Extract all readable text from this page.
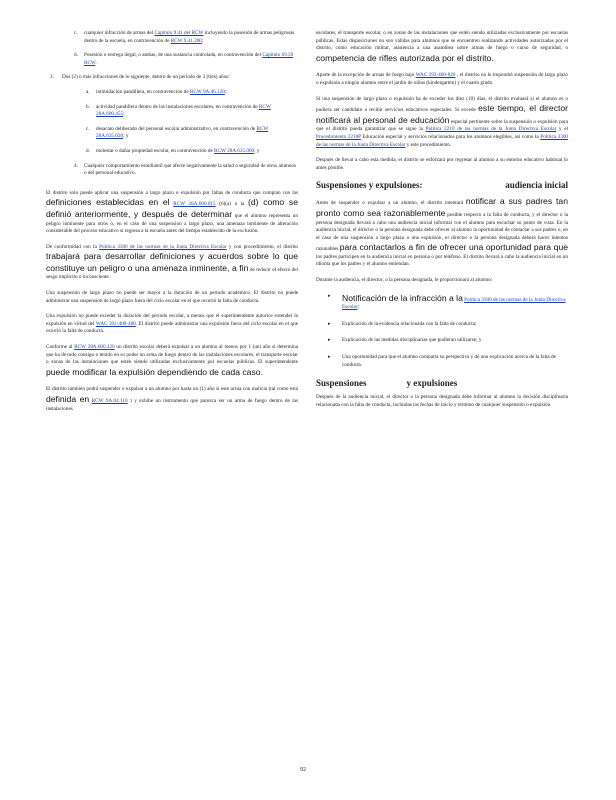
c. cualquier infracción de armas del Capítulo 9.41 del RCW incluyendo la posesión de armas peligrosas dentro de la escuela, en contravención de RCW 9.41.280;
d. Posesión o entrega ilegal, o ambas, de una sustancia controlada, en contravención del Capítulo 69.50 RCW.
3. Dos (2) o más infracciones de lo siguiente, dentro de un período de 3 (tres) años:
a. intimidación pandillera, en contravención de RCW 9A.46.120;
b. actividad pandillera dentro de las instalaciones escolares, en contravención de RCW 28A.600.455;
c. desacato deliberado del personal escolar administrativo, en contravención de RCW 28A.635.020; y
d. molestar o dañar propiedad escolar, en contravención de RCW 28A.635.060; y
4. Cualquier comportamiento estudiantil que afecte negativamente la salud o seguridad de otros alumnos o del personal educativo.

El distrito solo puede aplicar una suspensión a largo plazo o expulsión por faltas de conducta que cumplan con las definiciones establecidas en el RCW 28A.600.015 (6)(a) a la (d) como se definió anteriormente, y después de determinar que el alumno representa un peligro inminente para otros o, en el caso de una suspensión a largo plazo, una amenaza inminente de alteración considerable del proceso educativo si regresa a la escuela antes del tiempo establecido de la exclusión.

De conformidad con la Política 3300 de las normas de la Junta Directiva Escolar y con procedimiento, el distrito trabajará para desarrollar definiciones y acuerdos sobre lo que constituye un peligro o una amenaza inminente, a fin de reducir el efecto del sesgo implícito o inconsciente.

Una suspensión de largo plazo no puede ser mayor a la duración de un período académico. El distrito no puede administrar una suspensión de largo plazo fuera del ciclo escolar en el que ocurrió la falta de conducta.

Una expulsión no puede exceder la duración del período escolar, a menos que el superintendente autorice extender la expulsión en virtud del WAC 392-400-480. El distrito puede administrar una expulsión fuera del ciclo escolar en el que ocurrió la falta de conducta.

Conforme al RCW 28A.600.420 un distrito escolar deberá expulsar a un alumno al menos por 1 (un) año si determina que ha llevado consigo o tenido en su poder un arma de fuego dentro de las instalaciones escolares, el transporte escolar o zonas de las instalaciones que estén siendo utilizadas exclusivamente por escuelas públicas. El superintendente puede modificar la expulsión dependiendo de cada caso.

El distrito también podrá suspender o expulsar a un alumno por hasta un (1) año si este actúa con malicia (tal como está definida en RCW 9A.04.110 ) y exhibe un instrumento que parezca ser un arma de fuego dentro de las instalaciones

escolares, el transporte escolar, o en zonas de las instalaciones que estén siendo utilizadas exclusivamente por escuelas públicas. Estas disposiciones no son válidas para alumnos que se encuentren realizando actividades autorizadas por el distrito, como educación militar, asistencia a una asamblea sobre armas de fuego o curso de seguridad, o competencia de rifles autorizada por el distrito.

Aparte de la excepción de armas de fuego bajo WAC 392-400-820 , el distrito no le impondrá suspensión de largo plazo o expulsión a ningún alumno entre el jardín de niños (kindergarten) y el cuarto grado.

Si una suspensión de largo plazo o expulsión ha de exceder los diez (10) días, el distrito evaluará si el alumno es o pudiera ser candidato a recibir servicios educativos especiales. Si excede este tiempo, el director notificará al personal de educación especial pertinente sobre la suspensión o expulsión para que el distrito pueda garantizar que se sigue la Política 2210 de las normas de la Junta Directiva Escolar y el Procedimiento 2210P Educación especial y servicios relacionados para los alumnos elegibles, así como la Política 3300 de las normas de la Junta Directiva Escolar y este procedimiento.

Después de llevar a cabo esta medida, el distrito se esforzará por regresar al alumno a su entorno educativo habitual lo antes posible.

Suspensiones y expulsiones:	audiencia inicial

Antes de suspender o expulsar a un alumno, el distrito intentará notificar a sus padres tan pronto como sea razonablemente posible respecto a la falta de conducta, y el director o la persona designada llevará a cabo una audiencia inicial informal con el alumno para escuchar su punto de vista. En la audiencia inicial, el director o la persona designada debe ofrecer al alumno la oportunidad de contactar a sus padres o, en el caso de una suspensión a largo plazo o una expulsión, el director o la persona designada deberá hacer intentos razonables para contactarlos a fin de ofrecer una oportunidad para que los padres participen en la audiencia inicial en persona o por teléfono. El distrito llevará a cabo la audiencia inicial en un idioma que los padres y el alumno entiendan.

Durante la audiencia, el director, o la persona designada, le proporcionará al alumno:

▸ Notificación de la infracción a la Política 3300 de las normas de la Junta Directiva Escolar;
▸ Explicación de la evidencia relacionada con la falta de conducta;
▸ Explicación de las medidas disciplinarias que pudieran utilizarse; y
▸ Una oportunidad para que el alumno comparta su perspectiva y dé una explicación acerca de la falta de conducta.
Suspensiones	y expulsiones

Después de la audiencia inicial, el director o la persona designada debe informar al alumno la decisión disciplinaria relacionada con la falta de conducta, incluidas las fechas de inicio y término de cualquier suspensión o expulsión.

92
